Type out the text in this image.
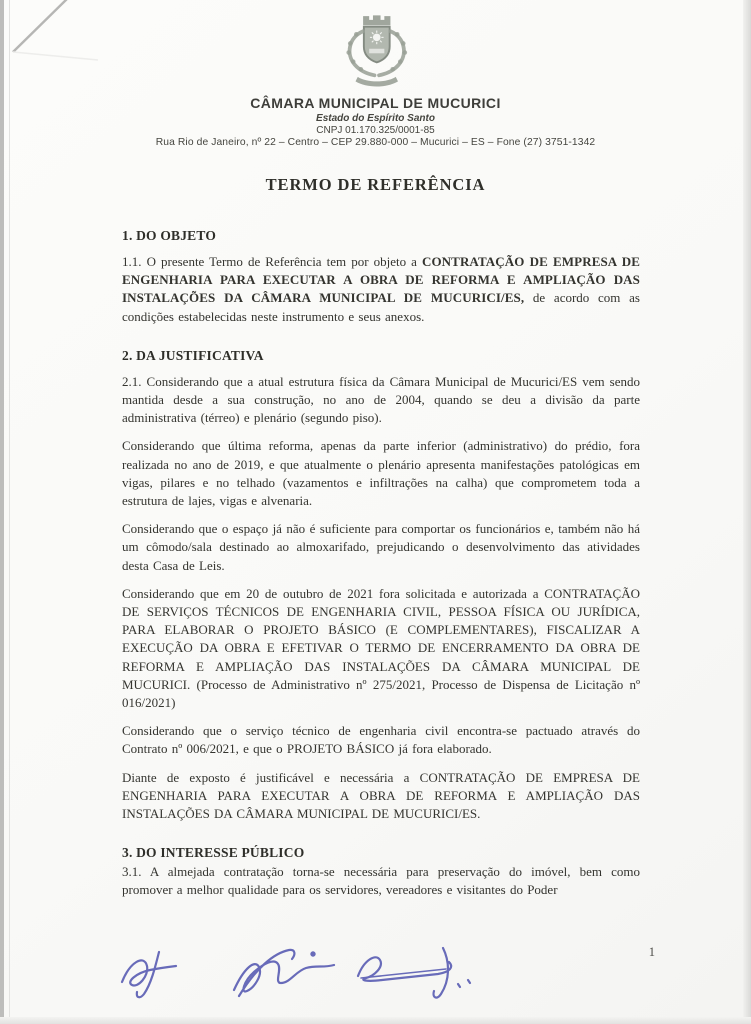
CÂMARA MUNICIPAL DE MUCURICI
Estado do Espírito Santo
CNPJ 01.170.325/0001-85
Rua Rio de Janeiro, nº 22 – Centro – CEP 29.880-000 – Mucurici – ES – Fone (27) 3751-1342
TERMO DE REFERÊNCIA
1. DO OBJETO

1.1. O presente Termo de Referência tem por objeto a CONTRATAÇÃO DE EMPRESA DE ENGENHARIA PARA EXECUTAR A OBRA DE REFORMA E AMPLIAÇÃO DAS INSTALAÇÕES DA CÂMARA MUNICIPAL DE MUCURICI/ES, de acordo com as condições estabelecidas neste instrumento e seus anexos.

2. DA JUSTIFICATIVA

2.1. Considerando que a atual estrutura física da Câmara Municipal de Mucurici/ES vem sendo mantida desde a sua construção, no ano de 2004, quando se deu a divisão da parte administrativa (térreo) e plenário (segundo piso).

Considerando que última reforma, apenas da parte inferior (administrativo) do prédio, fora realizada no ano de 2019, e que atualmente o plenário apresenta manifestações patológicas em vigas, pilares e no telhado (vazamentos e infiltrações na calha) que comprometem toda a estrutura de lajes, vigas e alvenaria.

Considerando que o espaço já não é suficiente para comportar os funcionários e, também não há um cômodo/sala destinado ao almoxarifado, prejudicando o desenvolvimento das atividades desta Casa de Leis.

Considerando que em 20 de outubro de 2021 fora solicitada e autorizada a CONTRATAÇÃO DE SERVIÇOS TÉCNICOS DE ENGENHARIA CIVIL, PESSOA FÍSICA OU JURÍDICA, PARA ELABORAR O PROJETO BÁSICO (E COMPLEMENTARES), FISCALIZAR A EXECUÇÃO DA OBRA E EFETIVAR O TERMO DE ENCERRAMENTO DA OBRA DE REFORMA E AMPLIAÇÃO DAS INSTALAÇÕES DA CÂMARA MUNICIPAL DE MUCURICI. (Processo de Administrativo nº 275/2021, Processo de Dispensa de Licitação nº 016/2021)

Considerando que o serviço técnico de engenharia civil encontra-se pactuado através do Contrato nº 006/2021, e que o PROJETO BÁSICO já fora elaborado.

Diante de exposto é justificável e necessária a CONTRATAÇÃO DE EMPRESA DE ENGENHARIA PARA EXECUTAR A OBRA DE REFORMA E AMPLIAÇÃO DAS INSTALAÇÕES DA CÂMARA MUNICIPAL DE MUCURICI/ES.

3. DO INTERESSE PÚBLICO

3.1. A almejada contratação torna-se necessária para preservação do imóvel, bem como promover a melhor qualidade para os servidores, vereadores e visitantes do Poder

1
